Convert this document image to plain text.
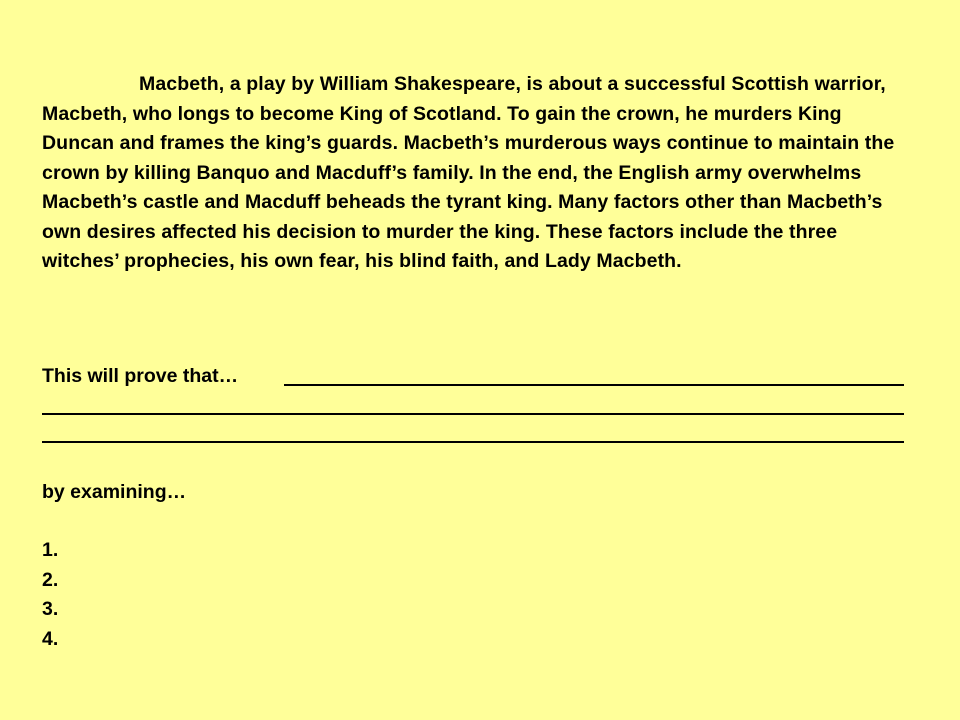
Macbeth, a play by William Shakespeare, is about a successful Scottish warrior, Macbeth, who longs to become King of Scotland. To gain the crown, he murders King Duncan and frames the king’s guards. Macbeth’s murderous ways continue to maintain the crown by killing Banquo and Macduff’s family. In the end, the English army overwhelms Macbeth’s castle and Macduff beheads the tyrant king. Many factors other than Macbeth’s own desires affected his decision to murder the king. These factors include the three witches’ prophecies, his own fear, his blind faith, and Lady Macbeth.

This will prove that…
by examining…
1.
2.
3.
4.
